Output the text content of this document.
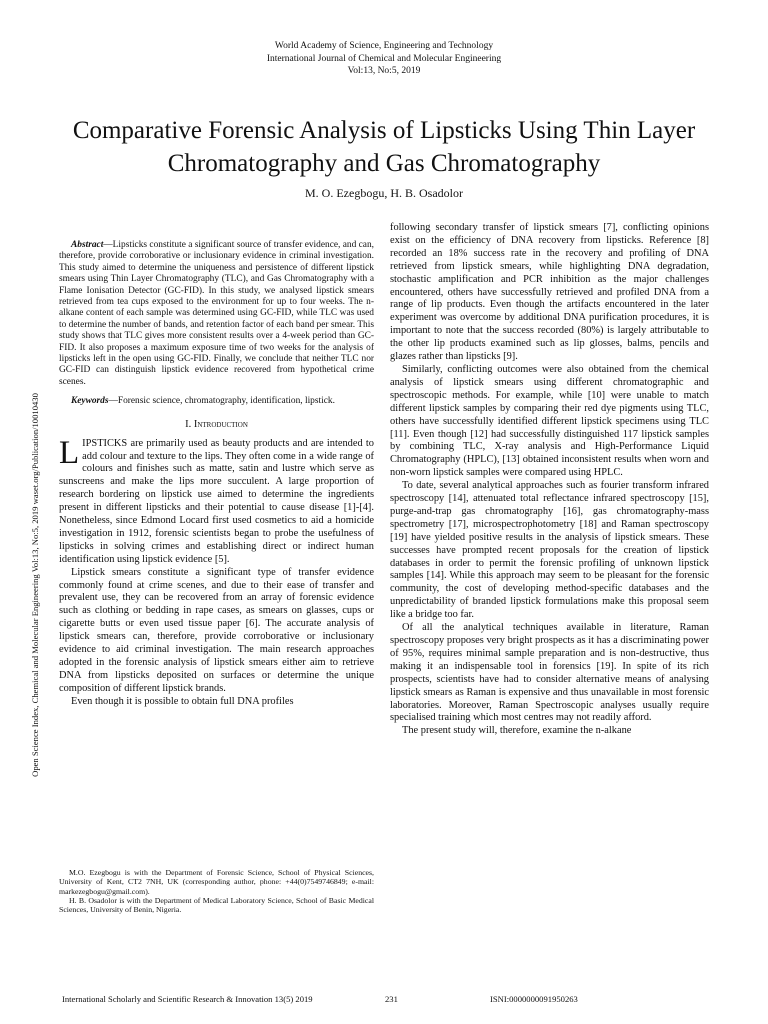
World Academy of Science, Engineering and Technology
International Journal of Chemical and Molecular Engineering
Vol:13, No:5, 2019
Comparative Forensic Analysis of Lipsticks Using Thin Layer Chromatography and Gas Chromatography
M. O. Ezegbogu, H. B. Osadolor
Open Science Index, Chemical and Molecular Engineering Vol:13, No:5, 2019 waset.org/Publication/10010430

Abstract—Lipsticks constitute a significant source of transfer evidence, and can, therefore, provide corroborative or inclusionary evidence in criminal investigation. This study aimed to determine the uniqueness and persistence of different lipstick smears using Thin Layer Chromatography (TLC), and Gas Chromatography with a Flame Ionisation Detector (GC-FID). In this study, we analysed lipstick smears retrieved from tea cups exposed to the environment for up to four weeks. The n-alkane content of each sample was determined using GC-FID, while TLC was used to determine the number of bands, and retention factor of each band per smear. This study shows that TLC gives more consistent results over a 4-week period than GC-FID. It also proposes a maximum exposure time of two weeks for the analysis of lipsticks left in the open using GC-FID. Finally, we conclude that neither TLC nor GC-FID can distinguish lipstick evidence recovered from hypothetical crime scenes.

Keywords—Forensic science, chromatography, identification, lipstick.

I. Introduction

LIPSTICKS are primarily used as beauty products and are intended to add colour and texture to the lips. They often come in a wide range of colours and finishes such as matte, satin and lustre which serve as sunscreens and make the lips more succulent. A large proportion of research bordering on lipstick use aimed to determine the ingredients present in different lipsticks and their potential to cause disease [1]-[4]. Nonetheless, since Edmond Locard first used cosmetics to aid a homicide investigation in 1912, forensic scientists began to probe the usefulness of lipsticks in solving crimes and establishing direct or indirect human identification using lipstick evidence [5].

Lipstick smears constitute a significant type of transfer evidence commonly found at crime scenes, and due to their ease of transfer and prevalent use, they can be recovered from an array of forensic evidence such as clothing or bedding in rape cases, as smears on glasses, cups or cigarette butts or even used tissue paper [6]. The accurate analysis of lipstick smears can, therefore, provide corroborative or inclusionary evidence to aid criminal investigation. The main research approaches adopted in the forensic analysis of lipstick smears either aim to retrieve DNA from lipsticks deposited on surfaces or determine the unique composition of different lipstick brands.

Even though it is possible to obtain full DNA profiles

M.O. Ezegbogu is with the Department of Forensic Science, School of Physical Sciences, University of Kent, CT2 7NH, UK (corresponding author, phone: +44(0)7549746849; e-mail: markezegbogu@gmail.com).

H. B. Osadolor is with the Department of Medical Laboratory Science, School of Basic Medical Sciences, University of Benin, Nigeria.

following secondary transfer of lipstick smears [7], conflicting opinions exist on the efficiency of DNA recovery from lipsticks. Reference [8] recorded an 18% success rate in the recovery and profiling of DNA retrieved from lipstick smears, while highlighting DNA degradation, stochastic amplification and PCR inhibition as the major challenges encountered, others have successfully retrieved and profiled DNA from a range of lip products. Even though the artifacts encountered in the later experiment was overcome by additional DNA purification procedures, it is important to note that the success recorded (80%) is largely attributable to the other lip products examined such as lip glosses, balms, pencils and glazes rather than lipsticks [9].

Similarly, conflicting outcomes were also obtained from the chemical analysis of lipstick smears using different chromatographic and spectroscopic methods. For example, while [10] were unable to match different lipstick samples by comparing their red dye pigments using TLC, others have successfully identified different lipstick specimens using TLC [11]. Even though [12] had successfully distinguished 117 lipstick samples by combining TLC, X-ray analysis and High-Performance Liquid Chromatography (HPLC), [13] obtained inconsistent results when worn and non-worn lipstick samples were compared using HPLC.

To date, several analytical approaches such as fourier transform infrared spectroscopy [14], attenuated total reflectance infrared spectroscopy [15], purge-and-trap gas chromatography [16], gas chromatography-mass spectrometry [17], microspectrophotometry [18] and Raman spectroscopy [19] have yielded positive results in the analysis of lipstick smears. These successes have prompted recent proposals for the creation of lipstick databases in order to permit the forensic profiling of unknown lipstick samples [14]. While this approach may seem to be pleasant for the forensic community, the cost of developing method-specific databases and the unpredictability of branded lipstick formulations make this proposal seem like a bridge too far.

Of all the analytical techniques available in literature, Raman spectroscopy proposes very bright prospects as it has a discriminating power of 95%, requires minimal sample preparation and is non-destructive, thus making it an indispensable tool in forensics [19]. In spite of its rich prospects, scientists have had to consider alternative means of analysing lipstick smears as Raman is expensive and thus unavailable in most forensic laboratories. Moreover, Raman Spectroscopic analyses usually require specialised training which most centres may not readily afford.

The present study will, therefore, examine the n-alkane

International Scholarly and Scientific Research & Innovation 13(5) 2019	231	ISNI:0000000091950263
